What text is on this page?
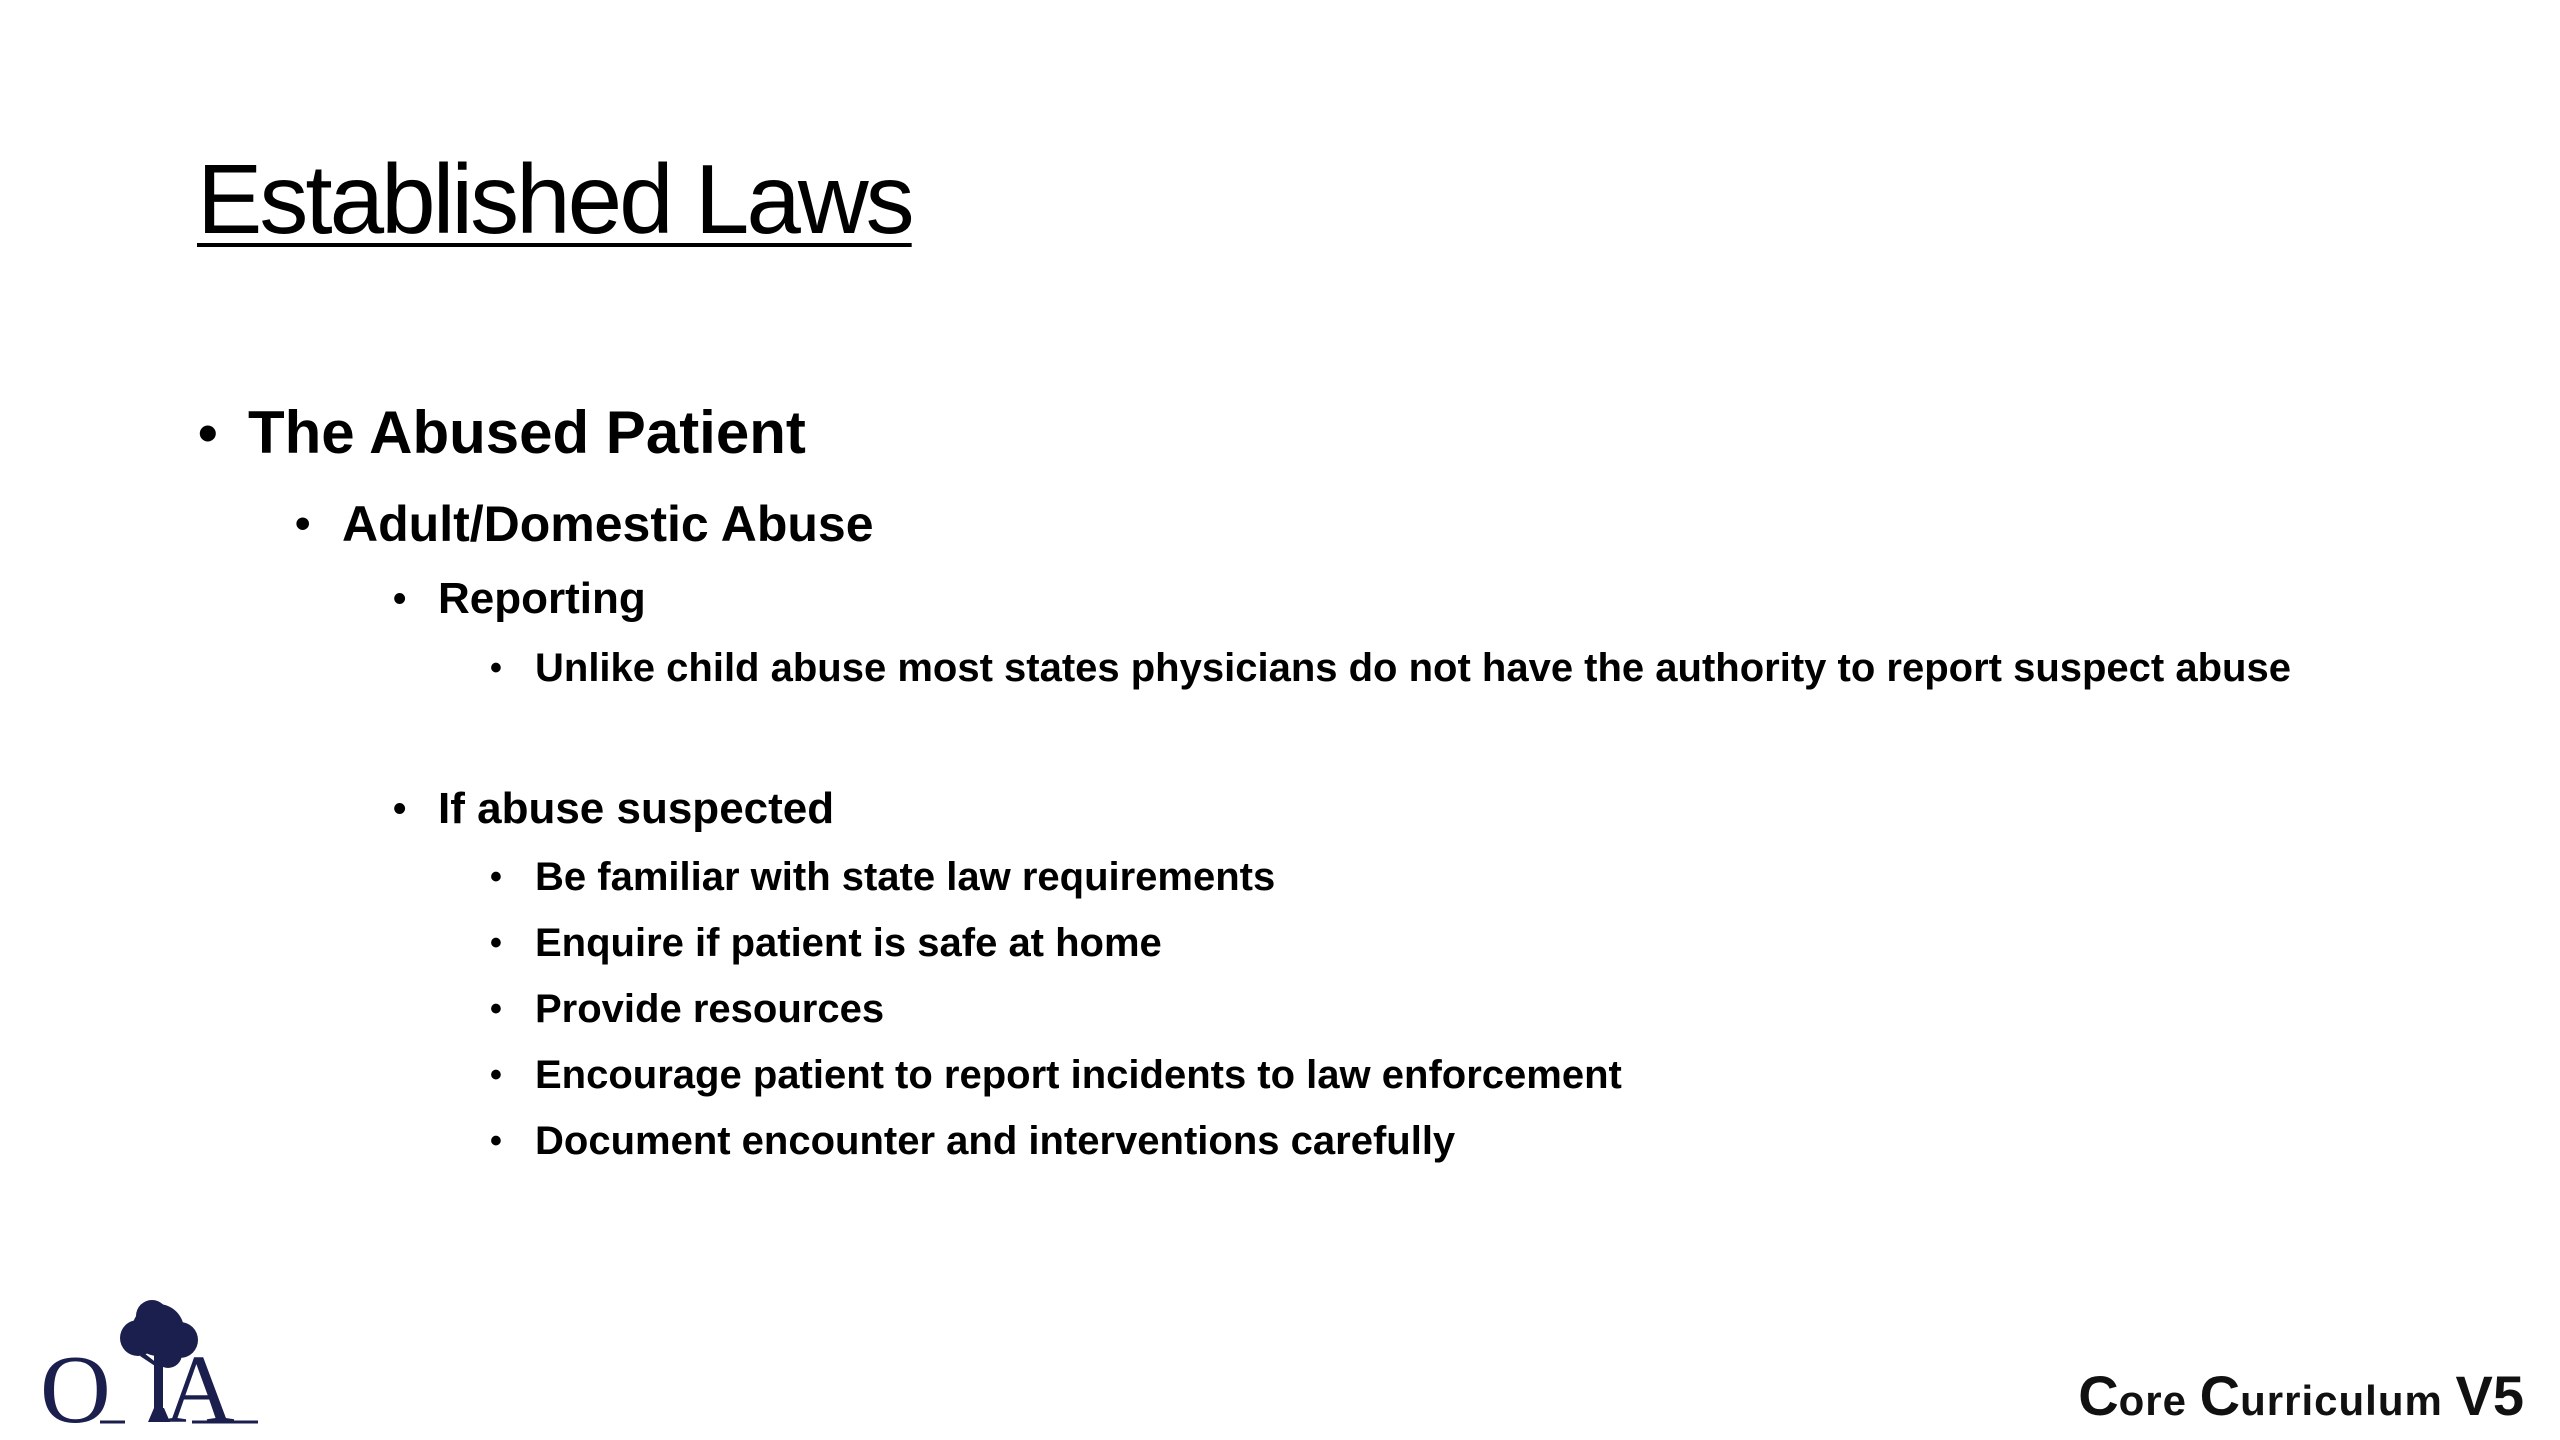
Established Laws
• The Abused Patient
• Adult/Domestic Abuse
• Reporting
• Unlike child abuse most states physicians do not have the authority to report suspect abuse
• If abuse suspected
• Be familiar with state law requirements
• Enquire if patient is safe at home
• Provide resources
• Encourage patient to report incidents to law enforcement
• Document encounter and interventions carefully
O A	Core Curriculum V5
